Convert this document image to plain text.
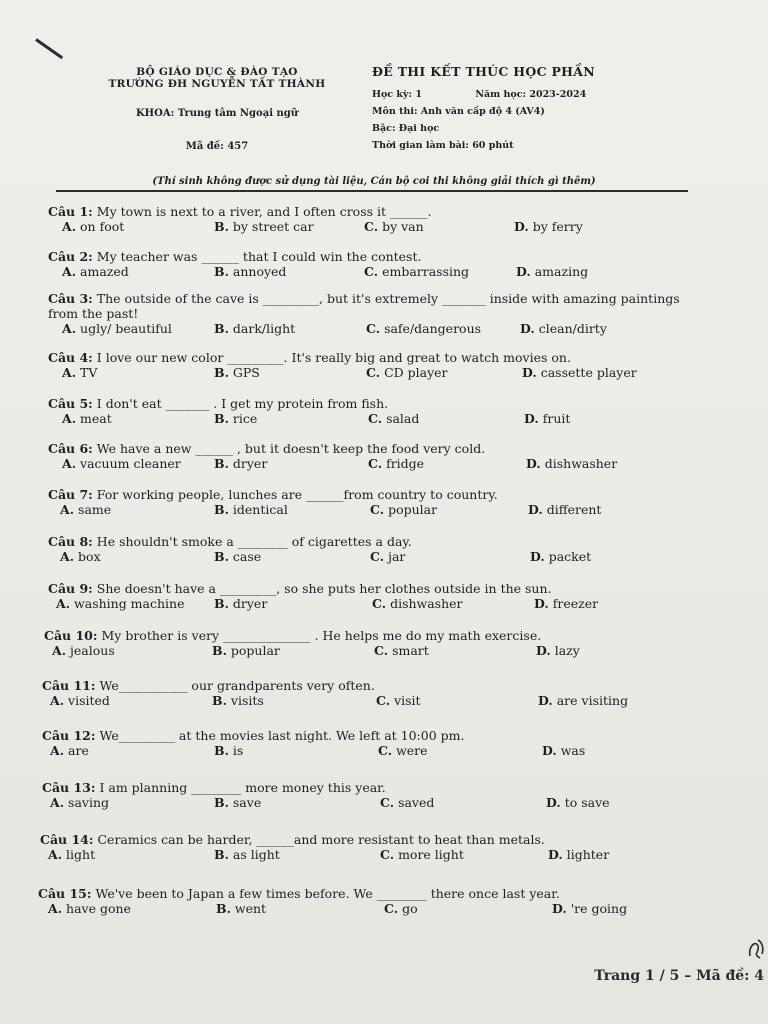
BỘ GIÁO DỤC & ĐÀO TẠO
TRƯỜNG ĐH NGUYỄN TẤT THÀNH
KHOA: Trung tâm Ngoại ngữ
Mã đề: 457
ĐỀ THI KẾT THÚC HỌC PHẦN
Học kỳ: 1	Năm học: 2023-2024
Môn thi: Anh văn cấp độ 4 (AV4)
Bậc: Đại học
Thời gian làm bài: 60 phút
(Thí sinh không được sử dụng tài liệu, Cán bộ coi thi không giải thích gì thêm)
Câu 1: My town is next to a river, and I often cross it ______.
A. on foot	B. by street car	C. by van	D. by ferry
Câu 2: My teacher was ______ that I could win the contest.
A. amazed	B. annoyed	C. embarrassing	D. amazing
Câu 3: The outside of the cave is _________, but it's extremely _______ inside with amazing paintings from the past!
A. ugly/ beautiful	B. dark/light	C. safe/dangerous	D. clean/dirty
Câu 4: I love our new color _________. It's really big and great to watch movies on.
A. TV	B. GPS	C. CD player	D. cassette player
Câu 5: I don't eat _______ . I get my protein from fish.
A. meat	B. rice	C. salad	D. fruit
Câu 6: We have a new ______ , but it doesn't keep the food very cold.
A. vacuum cleaner	B. dryer	C. fridge	D. dishwasher
Câu 7: For working people, lunches are ______from country to country.
A. same	B. identical	C. popular	D. different
Câu 8: He shouldn't smoke a ________ of cigarettes a day.
A. box	B. case	C. jar	D. packet
Câu 9: She doesn't have a _________, so she puts her clothes outside in the sun.
A. washing machine B. dryer	C. dishwasher	D. freezer
Câu 10: My brother is very ______________ . He helps me do my math exercise.
A. jealous	B. popular	C. smart	D. lazy
Câu 11: We___________ our grandparents very often.
A. visited	B. visits	C. visit	D. are visiting
Câu 12: We_________ at the movies last night. We left at 10:00 pm.
A. are	B. is	C. were	D. was
Câu 13: I am planning ________ more money this year.
A. saving	B. save	C. saved	D. to save
Câu 14: Ceramics can be harder, ______and more resistant to heat than metals.
A. light	B. as light	C. more light	D. lighter
Câu 15: We've been to Japan a few times before. We ________ there once last year.
A. have gone	B. went	C. go	D. 're going
Trang 1 / 5 – Mã đề: 4
